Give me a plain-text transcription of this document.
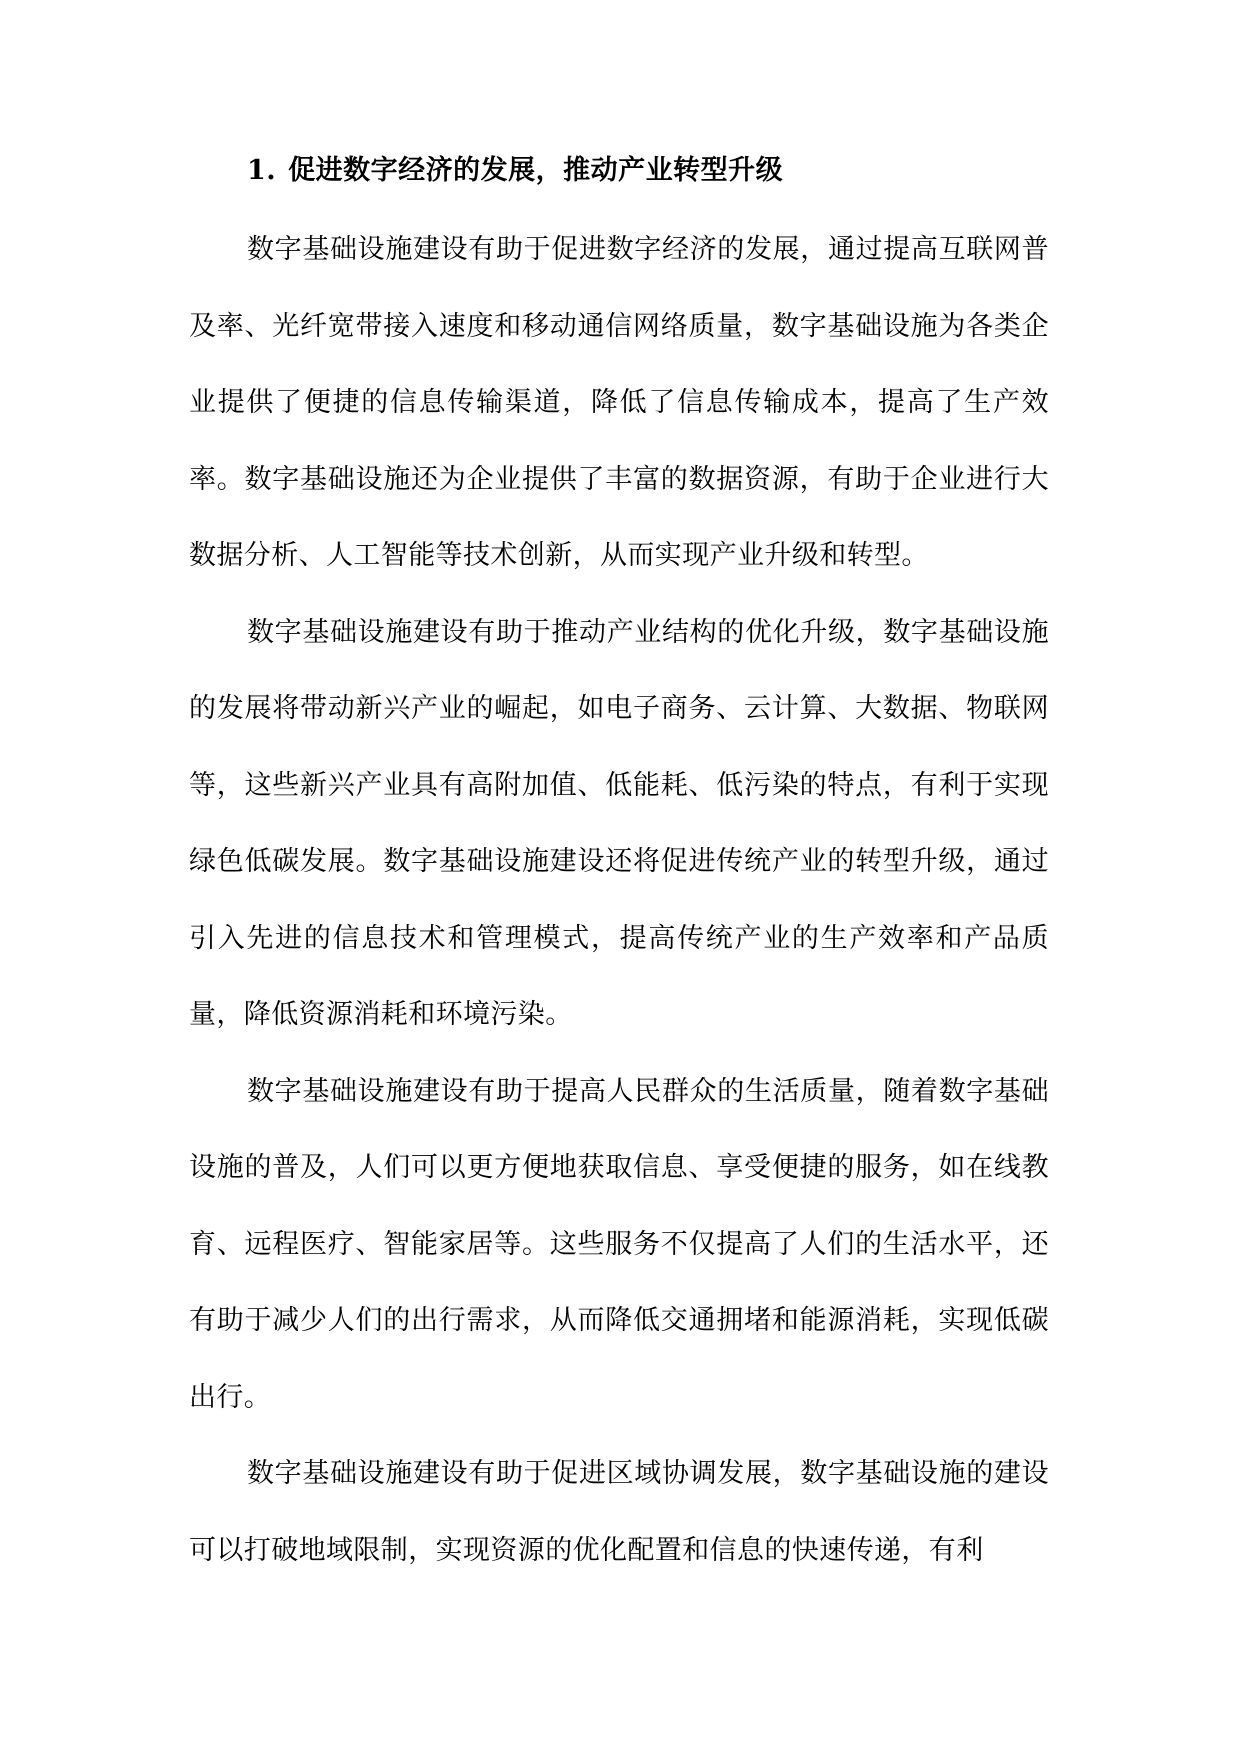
1. 促进数字经济的发展，推动产业转型升级

数字基础设施建设有助于促进数字经济的发展，通过提高互联网普及率、光纤宽带接入速度和移动通信网络质量，数字基础设施为各类企业提供了便捷的信息传输渠道，降低了信息传输成本，提高了生产效率。数字基础设施还为企业提供了丰富的数据资源，有助于企业进行大数据分析、人工智能等技术创新，从而实现产业升级和转型。

数字基础设施建设有助于推动产业结构的优化升级，数字基础设施的发展将带动新兴产业的崛起，如电子商务、云计算、大数据、物联网等，这些新兴产业具有高附加值、低能耗、低污染的特点，有利于实现绿色低碳发展。数字基础设施建设还将促进传统产业的转型升级，通过引入先进的信息技术和管理模式，提高传统产业的生产效率和产品质量，降低资源消耗和环境污染。

数字基础设施建设有助于提高人民群众的生活质量，随着数字基础设施的普及，人们可以更方便地获取信息、享受便捷的服务，如在线教育、远程医疗、智能家居等。这些服务不仅提高了人们的生活水平，还有助于减少人们的出行需求，从而降低交通拥堵和能源消耗，实现低碳出行。

数字基础设施建设有助于促进区域协调发展，数字基础设施的建设可以打破地域限制，实现资源的优化配置和信息的快速传递，有利
